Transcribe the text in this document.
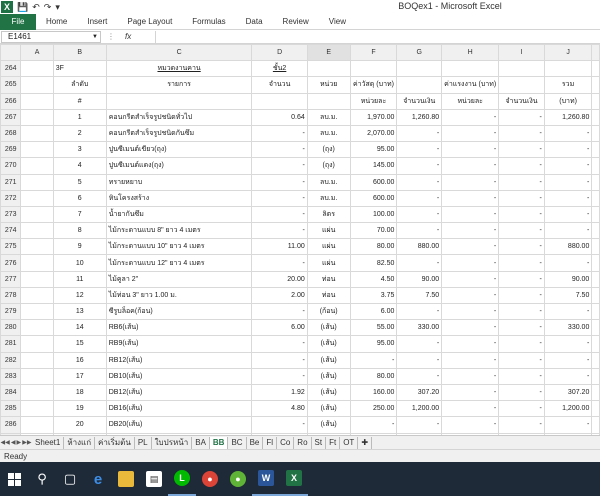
X 💾 ↶ ↷ ▾	BOQex1 - Microsoft Excel
File	Home	Insert	Page Layout	Formulas	Data	Review	View
E1461	▼ ⋮ fx
	A	B	C	D	E	F	G	H	I	J	
264		3F	หมวดงานคาน	ชั้น2							
265		ลำดับ	รายการ	จำนวน	หน่วย	ค่าวัสดุ (บาท)		ค่าแรงงาน (บาท)		รวม	
266		#				หน่วยละ	จำนวนเงิน	หน่วยละ	จำนวนเงิน	(บาท)	
267		1	คอนกรีตสำเร็จรูปชนิดทั่วไป	0.64	ลบ.ม.	1,970.00	1,260.80	-	-	1,260.80	
268		2	คอนกรีตสำเร็จรูปชนิดกันซึม	-	ลบ.ม.	2,070.00	-	-	-	-	
269		3	ปูนซีเมนต์เขียว(ถุง)	-	(ถุง)	95.00	-	-	-	-	
270		4	ปูนซีเมนต์แดง(ถุง)	-	(ถุง)	145.00	-	-	-	-	
271		5	ทรายหยาบ	-	ลบ.ม.	600.00	-	-	-	-	
272		6	หินโครงสร้าง	-	ลบ.ม.	600.00	-	-	-	-	
273		7	น้ำยากันซึม	-	ลิตร	100.00	-	-	-	-	
274		8	ไม้กระดานแบบ 8" ยาว 4 เมตร	-	แผ่น	70.00	-	-	-	-	
275		9	ไม้กระดานแบบ 10" ยาว 4 เมตร	11.00	แผ่น	80.00	880.00	-	-	880.00	
276		10	ไม้กระดานแบบ 12" ยาว 4 เมตร	-	แผ่น	82.50	-	-	-	-	
277		11	ไม้คูลา 2"	20.00	ท่อน	4.50	90.00	-	-	90.00	
278		12	ไม้ท่อน 3" ยาว 1.00 ม.	2.00	ท่อน	3.75	7.50	-	-	7.50	
279		13	ซีรูบล็อค(ก้อน)	-	(ก้อน)	6.00	-	-	-	-	
280		14	RB6(เส้น)	6.00	(เส้น)	55.00	330.00	-	-	330.00	
281		15	RB9(เส้น)	-	(เส้น)	95.00	-	-	-	-	
282		16	RB12(เส้น)	-	(เส้น)	-	-	-	-	-	
283		17	DB10(เส้น)	-	(เส้น)	80.00	-	-	-	-	
284		18	DB12(เส้น)	1.92	(เส้น)	160.00	307.20	-	-	307.20	
285		19	DB16(เส้น)	4.80	(เส้น)	250.00	1,200.00	-	-	1,200.00	
286		20	DB20(เส้น)	-	(เส้น)	-	-	-	-	-	

◀◀ ◀ ▶ ▶▶ Sheet1 ห้างแก่ ค่าเริ่มต้น PL ใบปรหน้า BA BB BC Be Fl Co Ro St Ft OT ✚
Ready
⚲	▢	e	▤	L	●	●	W	X
